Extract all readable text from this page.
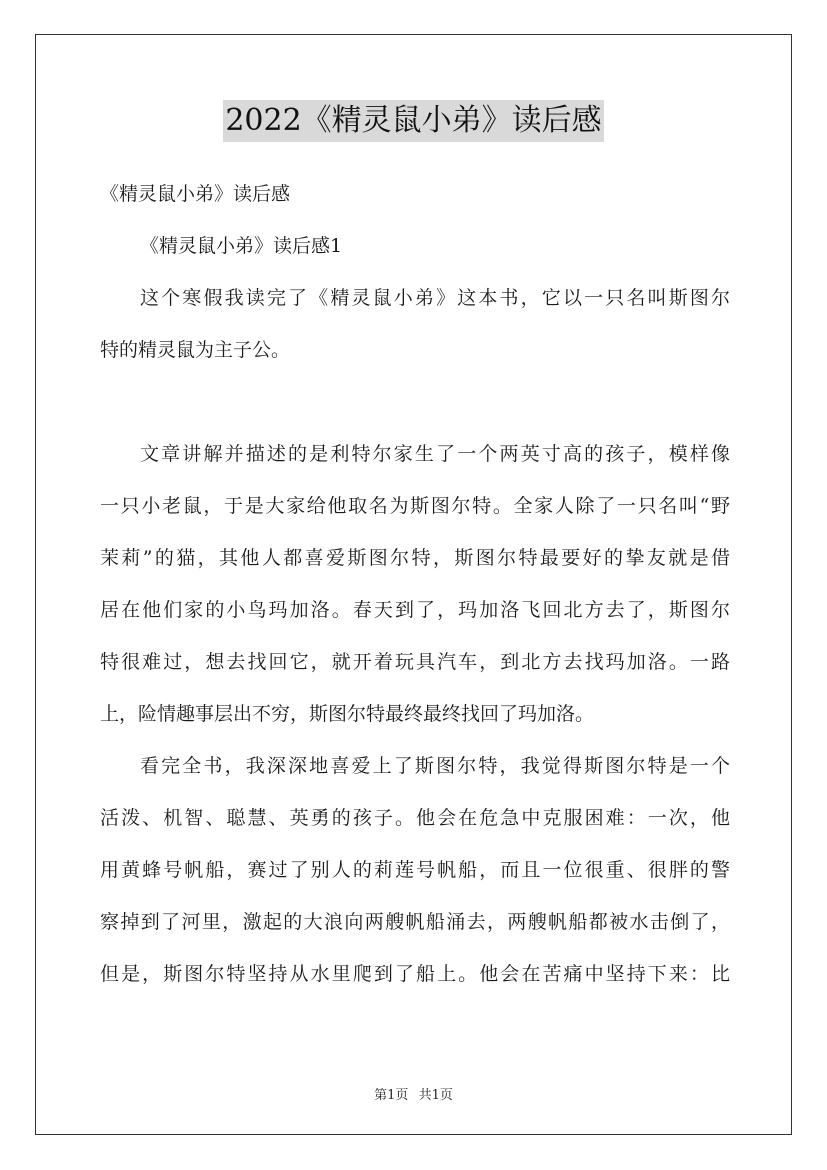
2022《精灵鼠小弟》读后感
《精灵鼠小弟》读后感
《精灵鼠小弟》读后感1
这个寒假我读完了《精灵鼠小弟》这本书，它以一只名叫斯图尔
特的精灵鼠为主子公。
文章讲解并描述的是利特尔家生了一个两英寸高的孩子，模样像
一只小老鼠，于是大家给他取名为斯图尔特。全家人除了一只名叫“野
茉莉”的猫，其他人都喜爱斯图尔特，斯图尔特最要好的挚友就是借
居在他们家的小鸟玛加洛。春天到了，玛加洛飞回北方去了，斯图尔
特很难过，想去找回它，就开着玩具汽车，到北方去找玛加洛。一路
上，险情趣事层出不穷，斯图尔特最终最终找回了玛加洛。
看完全书，我深深地喜爱上了斯图尔特，我觉得斯图尔特是一个
活泼、机智、聪慧、英勇的孩子。他会在危急中克服困难：一次，他
用黄蜂号帆船，赛过了别人的莉莲号帆船，而且一位很重、很胖的警
察掉到了河里，激起的大浪向两艘帆船涌去，两艘帆船都被水击倒了，
但是，斯图尔特坚持从水里爬到了船上。他会在苦痛中坚持下来：比
第1页 共1页
